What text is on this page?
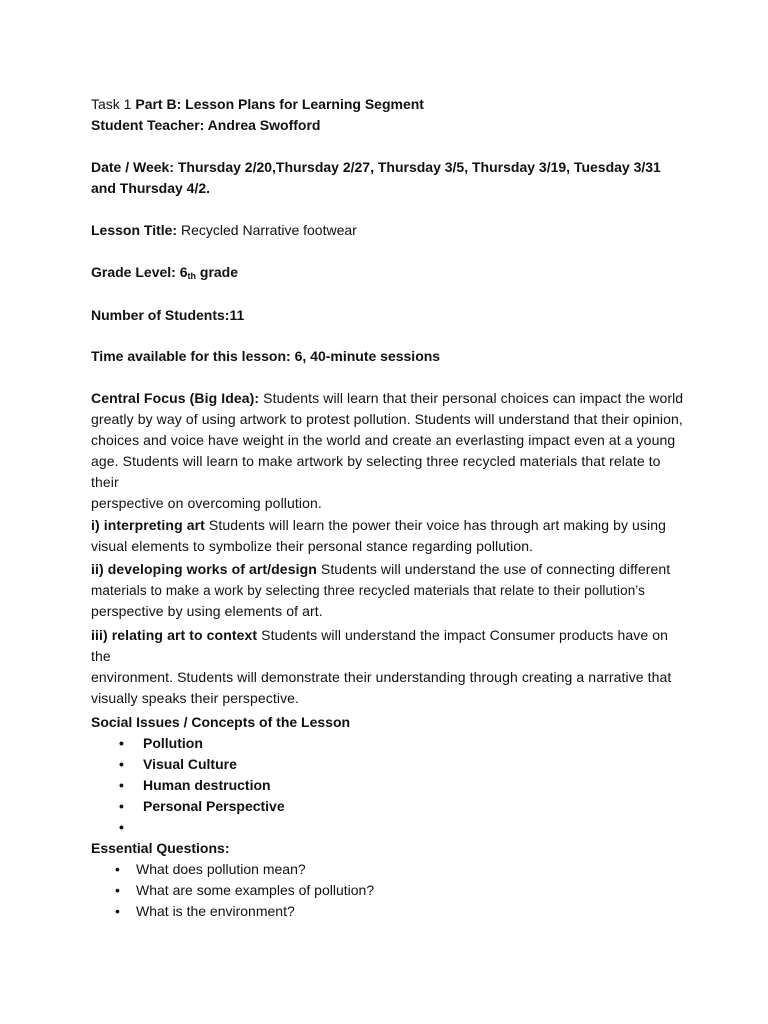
Task 1 Part B: Lesson Plans for Learning Segment

Student Teacher: Andrea Swofford

Date / Week: Thursday 2/20,Thursday 2/27, Thursday 3/5, Thursday 3/19, Tuesday 3/31

and Thursday 4/2.

Lesson Title: Recycled Narrative footwear

Grade Level: $6_{th}$ grade

Number of Students:11

Time available for this lesson: 6, 40-minute sessions

Central Focus (Big Idea): Students will learn that their personal choices can impact the world

greatly by way of using artwork to protest pollution. Students will understand that their opinion,

choices and voice have weight in the world and create an everlasting impact even at a young

age. Students will learn to make artwork by selecting three recycled materials that relate to their

perspective on overcoming pollution.

i) interpreting art Students will learn the power their voice has through art making by using

visual elements to symbolize their personal stance regarding pollution.

ii) developing works of art/design Students will understand the use of connecting different

materials to make a work by selecting three recycled materials that relate to their pollution’s

perspective by using elements of art.

iii) relating art to context Students will understand the impact Consumer products have on the

environment. Students will demonstrate their understanding through creating a narrative that

visually speaks their perspective.

Social Issues / Concepts of the Lesson

• Pollution
• Visual Culture
• Human destruction
• Personal Perspective
•

Essential Questions:

• What does pollution mean?
• What are some examples of pollution?
• What is the environment?
